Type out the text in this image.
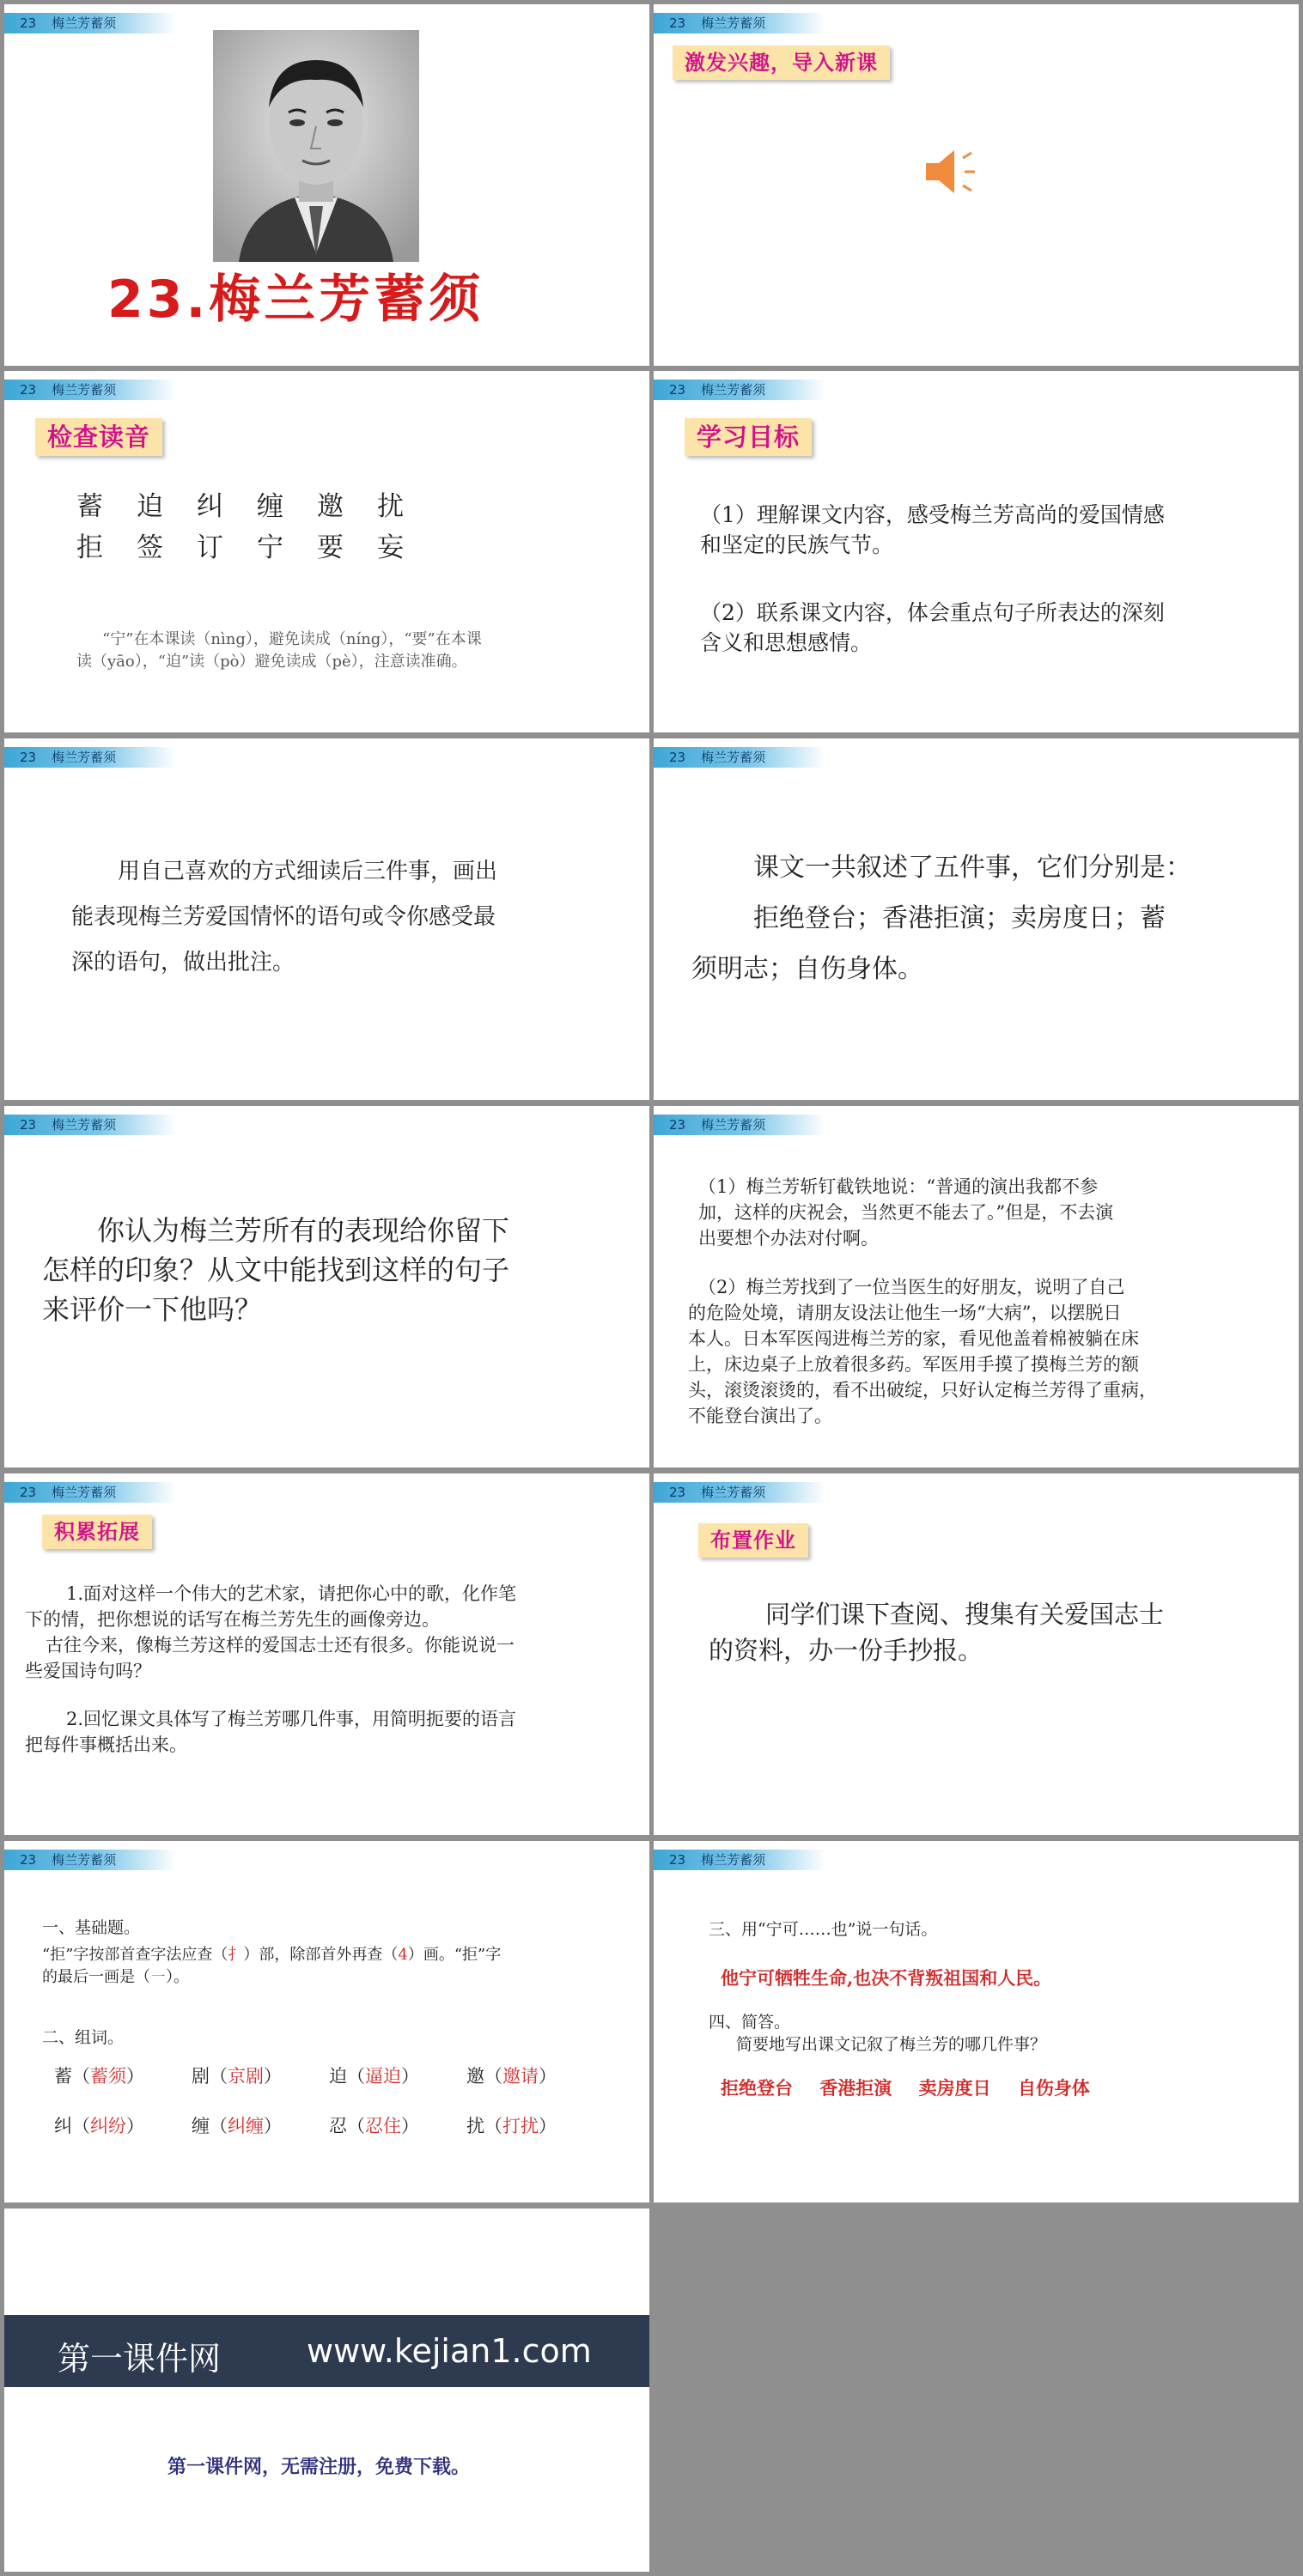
23 梅兰芳蓄须
23.梅兰芳蓄须
23 梅兰芳蓄须
激发兴趣，导入新课
23 梅兰芳蓄须
检查读音
蓄　迫　纠　缠　邀　扰
拒　签　订　宁　要　妄
“宁”在本课读（nìng），避免读成（níng），“要”在本课
读（yāo），“迫”读（pò）避免读成（pè），注意读准确。
23 梅兰芳蓄须
学习目标
（1）理解课文内容，感受梅兰芳高尚的爱国情感
和坚定的民族气节。
（2）联系课文内容，体会重点句子所表达的深刻
含义和思想感情。
23 梅兰芳蓄须
用自己喜欢的方式细读后三件事，画出
能表现梅兰芳爱国情怀的语句或令你感受最
深的语句，做出批注。
23 梅兰芳蓄须
课文一共叙述了五件事，它们分别是：
拒绝登台；香港拒演；卖房度日；蓄
须明志；自伤身体。
23 梅兰芳蓄须
你认为梅兰芳所有的表现给你留下
怎样的印象？从文中能找到这样的句子
来评价一下他吗？
23 梅兰芳蓄须
（1）梅兰芳斩钉截铁地说：“普通的演出我都不参
加，这样的庆祝会，当然更不能去了。”但是，不去演
出要想个办法对付啊。
（2）梅兰芳找到了一位当医生的好朋友，说明了自己
的危险处境，请朋友设法让他生一场“大病”，以摆脱日
本人。日本军医闯进梅兰芳的家，看见他盖着棉被躺在床
上，床边桌子上放着很多药。军医用手摸了摸梅兰芳的额
头，滚烫滚烫的，看不出破绽，只好认定梅兰芳得了重病，
不能登台演出了。
23 梅兰芳蓄须
积累拓展
1.面对这样一个伟大的艺术家，请把你心中的歌，化作笔
下的情，把你想说的话写在梅兰芳先生的画像旁边。
古往今来，像梅兰芳这样的爱国志士还有很多。你能说说一
些爱国诗句吗？
2.回忆课文具体写了梅兰芳哪几件事，用简明扼要的语言
把每件事概括出来。
23 梅兰芳蓄须
布置作业
同学们课下查阅、搜集有关爱国志士
的资料，办一份手抄报。
23 梅兰芳蓄须
一、基础题。
“拒”字按部首查字法应查（扌）部，除部首外再查（4）画。“拒”字
的最后一画是（㇐）。
二、组词。
蓄（蓄须）	剧（京剧）	迫（逼迫）	邀（邀请）
纠（纠纷）	缠（纠缠）	忍（忍住）	扰（打扰）
23 梅兰芳蓄须
三、用“宁可……也”说一句话。
他宁可牺牲生命,也决不背叛祖国和人民。
四、简答。
简要地写出课文记叙了梅兰芳的哪几件事？
拒绝登台 香港拒演 卖房度日 自伤身体
第一课件网	www.kejian1.com
第一课件网，无需注册，免费下载。
